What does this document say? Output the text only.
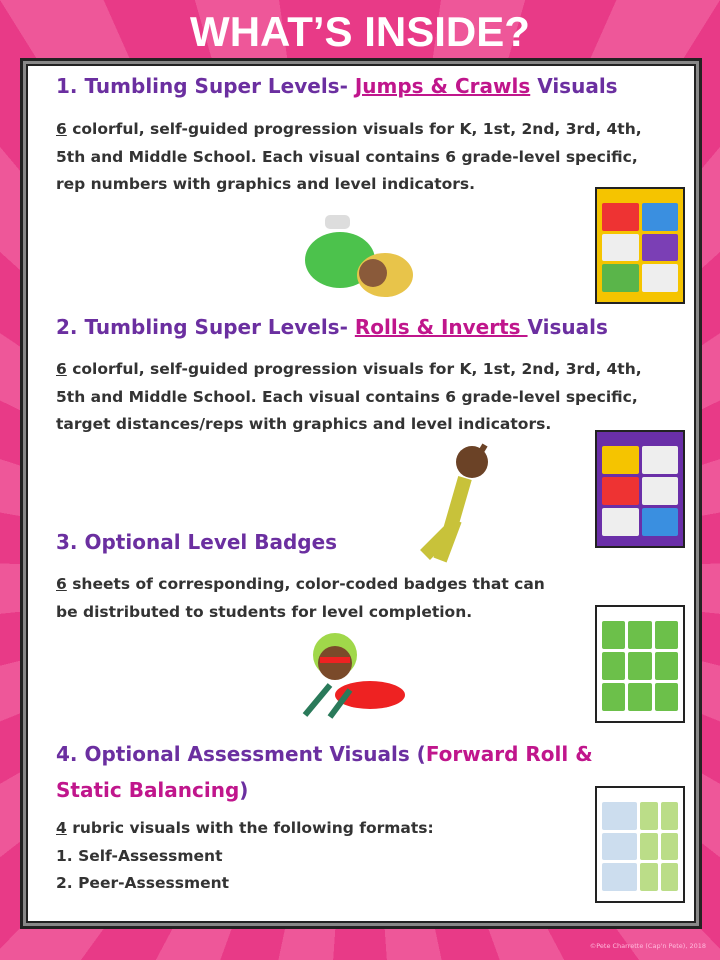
WHAT’S INSIDE?
1. Tumbling Super Levels- Jumps & Crawls Visuals
6 colorful, self-guided progression visuals for K, 1st, 2nd, 3rd, 4th, 5th and Middle School. Each visual contains 6 grade-level specific, rep numbers with graphics and level indicators.
2. Tumbling Super Levels- Rolls & Inverts Visuals
6 colorful, self-guided progression visuals for K, 1st, 2nd, 3rd, 4th, 5th and Middle School. Each visual contains 6 grade-level specific, target distances/reps with graphics and level indicators.
3. Optional Level Badges
6 sheets of corresponding, color-coded badges that can be distributed to students for level completion.
4. Optional Assessment Visuals (Forward Roll & Static Balancing)
4 rubric visuals with the following formats:
1. Self-Assessment
2. Peer-Assessment
©Pete Charrette (Cap'n Pete), 2018
